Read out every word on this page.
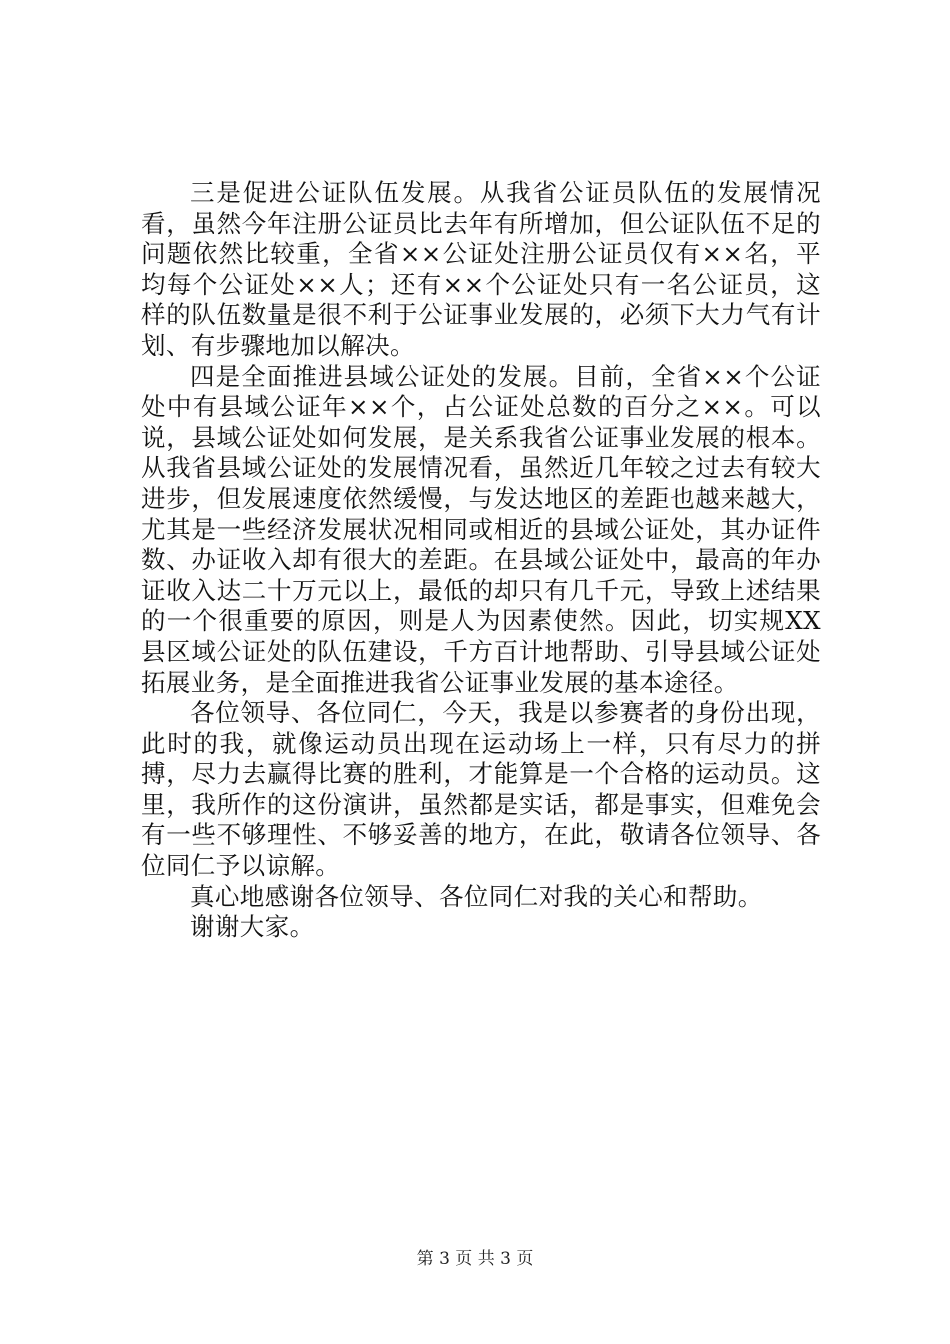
三是促进公证队伍发展。从我省公证员队伍的发展情况看，虽然今年注册公证员比去年有所增加，但公证队伍不足的问题依然比较重，全省××公证处注册公证员仅有××名，平均每个公证处××人；还有××个公证处只有一名公证员，这样的队伍数量是很不利于公证事业发展的，必须下大力气有计划、有步骤地加以解决。

四是全面推进县域公证处的发展。目前，全省××个公证处中有县域公证年××个，占公证处总数的百分之××。可以说，县域公证处如何发展，是关系我省公证事业发展的根本。从我省县域公证处的发展情况看，虽然近几年较之过去有较大进步，但发展速度依然缓慢，与发达地区的差距也越来越大，尤其是一些经济发展状况相同或相近的县域公证处，其办证件数、办证收入却有很大的差距。在县域公证处中，最高的年办证收入达二十万元以上，最低的却只有几千元，导致上述结果的一个很重要的原因，则是人为因素使然。因此，切实规XX县区域公证处的队伍建设，千方百计地帮助、引导县域公证处拓展业务，是全面推进我省公证事业发展的基本途径。

各位领导、各位同仁，今天，我是以参赛者的身份出现，此时的我，就像运动员出现在运动场上一样，只有尽力的拼搏，尽力去赢得比赛的胜利，才能算是一个合格的运动员。这里，我所作的这份演讲，虽然都是实话，都是事实，但难免会有一些不够理性、不够妥善的地方，在此，敬请各位领导、各位同仁予以谅解。

真心地感谢各位领导、各位同仁对我的关心和帮助。

谢谢大家。

第 3 页 共 3 页
